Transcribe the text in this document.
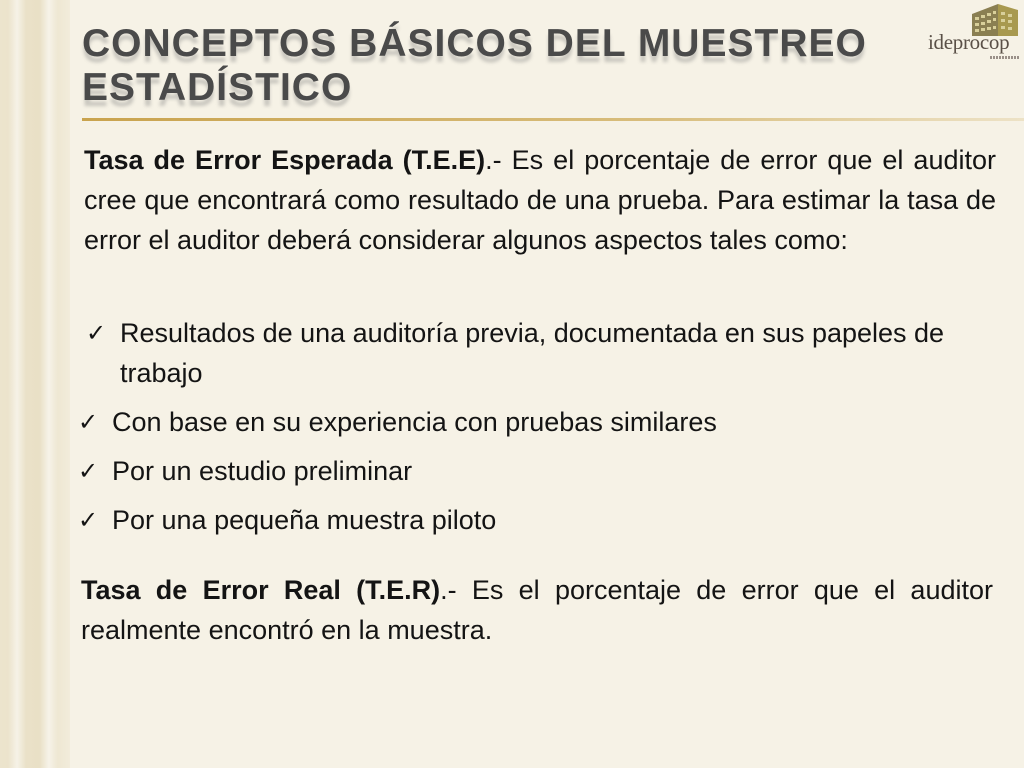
CONCEPTOS BÁSICOS DEL MUESTREO ESTADÍSTICO
ideprocop

Tasa de Error Esperada (T.E.E).- Es el porcentaje de error que el auditor cree que encontrará como resultado de una prueba. Para estimar la tasa de error el auditor deberá considerar algunos aspectos tales como:

✓ Resultados de una auditoría previa, documentada en sus papeles de trabajo
✓ Con base en su experiencia con pruebas similares
✓ Por un estudio preliminar
✓ Por una pequeña muestra piloto

Tasa de Error Real (T.E.R).- Es el porcentaje de error que el auditor realmente encontró en la muestra.
